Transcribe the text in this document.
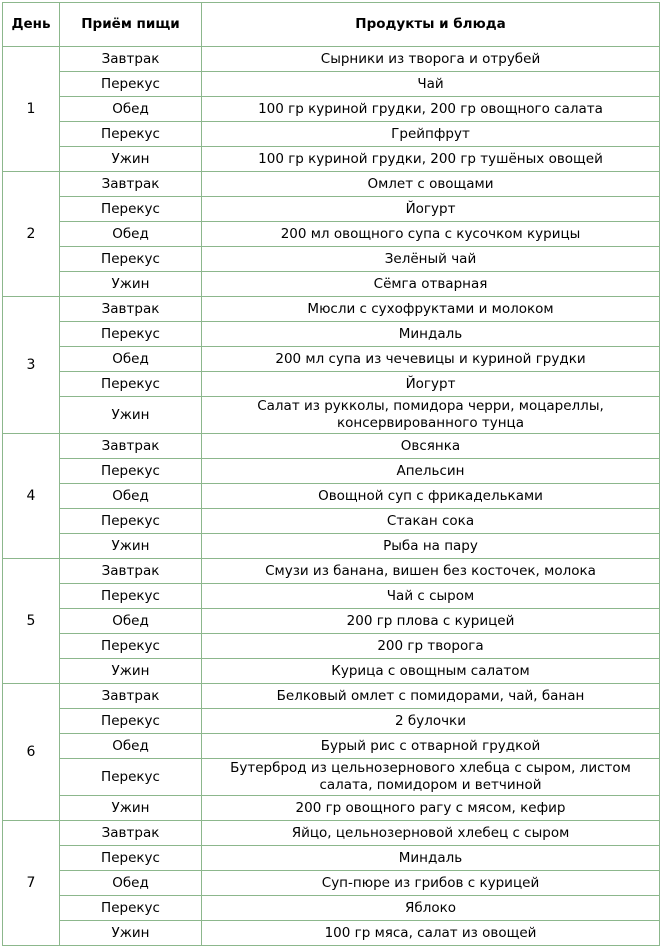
День	Приём пищи	Продукты и блюда
1	Завтрак	Сырники из творога и отрубей
	Перекус	Чай
	Обед	100 гр куриной грудки, 200 гр овощного салата
	Перекус	Грейпфрут
	Ужин	100 гр куриной грудки, 200 гр тушёных овощей
2	Завтрак	Омлет с овощами
	Перекус	Йогурт
	Обед	200 мл овощного супа с кусочком курицы
	Перекус	Зелёный чай
	Ужин	Сёмга отварная
3	Завтрак	Мюсли с сухофруктами и молоком
	Перекус	Миндаль
	Обед	200 мл супа из чечевицы и куриной грудки
	Перекус	Йогурт
	Ужин	Салат из рукколы, помидора черри, моцареллы, консервированного тунца
4	Завтрак	Овсянка
	Перекус	Апельсин
	Обед	Овощной суп с фрикадельками
	Перекус	Стакан сока
	Ужин	Рыба на пару
5	Завтрак	Смузи из банана, вишен без косточек, молока
	Перекус	Чай с сыром
	Обед	200 гр плова с курицей
	Перекус	200 гр творога
	Ужин	Курица с овощным салатом
6	Завтрак	Белковый омлет с помидорами, чай, банан
	Перекус	2 булочки
	Обед	Бурый рис с отварной грудкой
	Перекус	Бутерброд из цельнозернового хлебца с сыром, листом салата, помидором и ветчиной
	Ужин	200 гр овощного рагу с мясом, кефир
7	Завтрак	Яйцо, цельнозерновой хлебец с сыром
	Перекус	Миндаль
	Обед	Суп-пюре из грибов с курицей
	Перекус	Яблоко
	Ужин	100 гр мяса, салат из овощей
